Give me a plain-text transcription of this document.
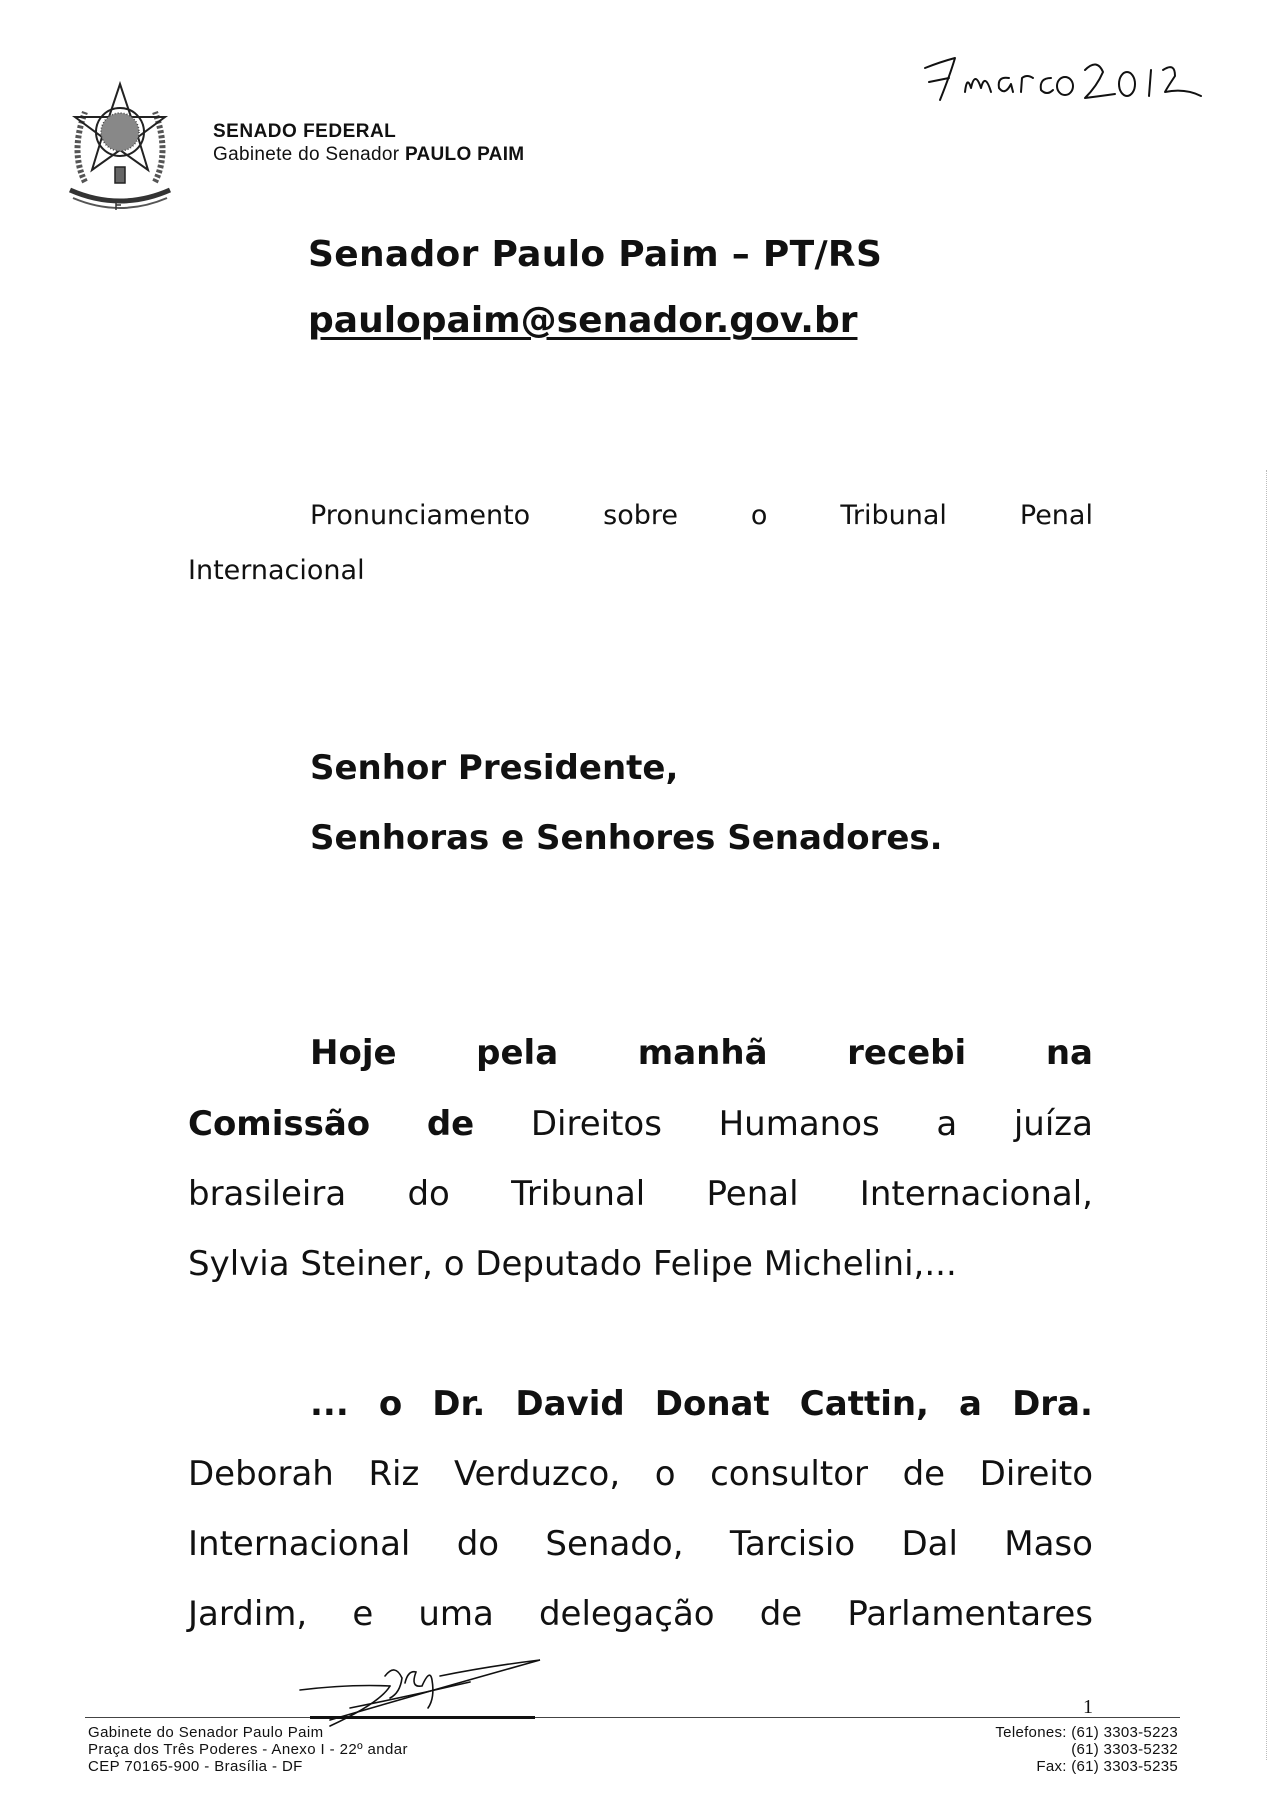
SENADO FEDERAL
Gabinete do Senador PAULO PAIM
Senador Paulo Paim – PT/RS
paulopaim@senador.gov.br
Pronunciamento	sobre	o	Tribunal	Penal
Internacional
Senhor Presidente,
Senhoras e Senhores Senadores.
Hoje pela manhã recebi na
Comissão de Direitos Humanos a juíza
brasileira do Tribunal Penal Internacional,
Sylvia Steiner, o Deputado Felipe Michelini,...
... o Dr. David Donat Cattin, a Dra.
Deborah Riz Verduzco, o consultor de Direito
Internacional do Senado, Tarcisio Dal Maso
Jardim, e uma delegação de Parlamentares
1
Gabinete do Senador Paulo Paim
Praça dos Três Poderes - Anexo I - 22º andar
CEP 70165-900 - Brasília - DF
Telefones: (61) 3303-5223
(61) 3303-5232
Fax: (61) 3303-5235
